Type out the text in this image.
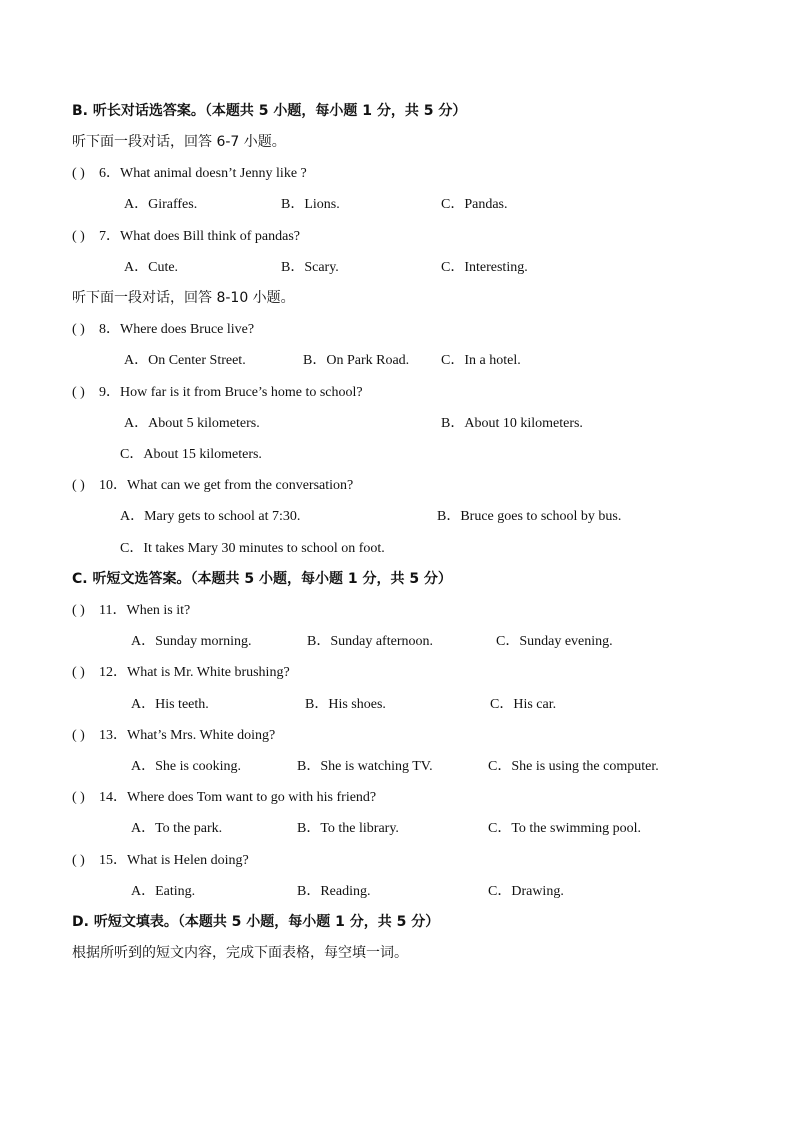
B. 听长对话选答案。（本题共 5 小题，每小题 1 分，共 5 分）
听下面一段对话，回答 6-7 小题。
( ) 6．What animal doesn’t Jenny like ?
A．Giraffes.	B．Lions.	C．Pandas.
( ) 7．What does Bill think of pandas?
A．Cute.	B．Scary.	C．Interesting.
听下面一段对话，回答 8-10 小题。
( ) 8．Where does Bruce live?
A．On Center Street.	B．On Park Road. C．In a hotel.
( ) 9．How far is it from Bruce’s home to school?
A．About 5 kilometers.	B．About 10 kilometers.
C．About 15 kilometers.
( ) 10．What can we get from the conversation?
A．Mary gets to school at 7:30.	B．Bruce goes to school by bus.
C．It takes Mary 30 minutes to school on foot.
C. 听短文选答案。（本题共 5 小题，每小题 1 分，共 5 分）
( ) 11．When is it?
A．Sunday morning.	B．Sunday afternoon.	C．Sunday evening.
( ) 12．What is Mr. White brushing?
A．His teeth.	B．His shoes.	C．His car.
( ) 13．What’s Mrs. White doing?
A．She is cooking.	B．She is watching TV.	C．She is using the computer.
( ) 14．Where does Tom want to go with his friend?
A．To the park.	B．To the library.	C．To the swimming pool.
( ) 15．What is Helen doing?
A．Eating.	B．Reading.	C．Drawing.
D. 听短文填表。（本题共 5 小题，每小题 1 分，共 5 分）
根据所听到的短文内容，完成下面表格，每空填一词。
